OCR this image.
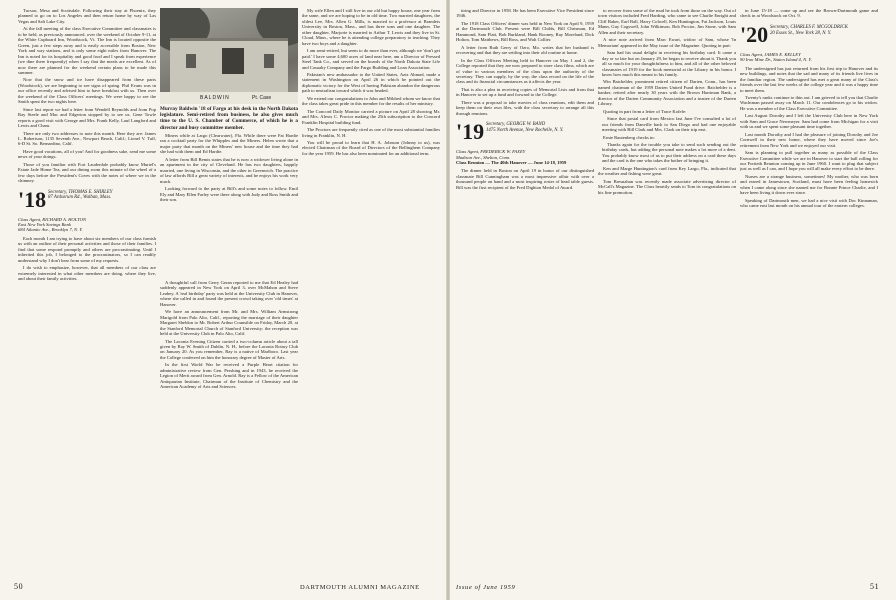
Tucson, Mesa and Scottsdale. Following their stay at Phoenix, they planned to go on to Los Angeles and then return home by way of Las Vegas and Salt Lake City.

At the fall meeting of the class Executive Committee and classmates is to be held, as previously announced, over the weekend of October 9-11, at the White Cupboard Inn, Woodstock, Vt. The Inn is located opposite the Green, just a few steps away and is easily accessible from Boston, New York and way stations, and is only some eight miles from Hanover. The Inn is noted for its hospitality and good food and I speak from experience (we dine there frequently) when I say that the meals are excellent. As of now there are planned for the weekend certain plans to be made this summer.

Now that the snow and ice have disappeared from these parts (Woodstock), we are beginning to see signs of spring. Phil Evans was in our office recently and advised him to have breakfast with us. Then over the weekend of the Class Officers' meetings. We were happy to see the Smith spent the two nights here.

Since last report we had a letter from Wendell Reynolds and from Pop Ray Steele and Mac and Edgerton stopped by to see us. Gene Towle reports a good visit with George and Mrs. Frank Kelly, Lauf Langford and Lewis and Cham.

There are only two addresses to note this month. Here they are: James L. Robertson, 1135 Seventh Ave., Newport Beach, Calif.; Lionel V. Tuff, 6-D St. So. Bernardino, Calif.

Have good vacations, all of you! And for goodness sake, send me some news of your doings.

Those of you familiar with Fort Lauderdale probably know Muriel's Estate Jade Home Tea, and our dining room this minute of the wheel of a few days before the President's Coves with the notes of where we in the chimney.

'18 Secretary, THOMAS E. SHIRLEY
87 Ardsorum Rd., Walban, Mass.
Class Agent, RICHARD A. HOLTON
East New York Savings Bank
684 Atlantic Ave., Brooklyn 7, N. Y.

Each month I am trying to have about six members of our class furnish us with an outline of their personal activities and those of their families. I find that some respond promptly and others are procrastinating. Until I inherited this job, I belonged to the procrastinators, so I can readily understand why I don't hear from some of my requests.

I do wish to emphasize, however, that all members of our class are extremely interested in what other members are doing, where they live, and about their family activities.

BALDWIN	Pt. Case
Murray Baldwin '18 of Fargo at his desk in the North Dakota legislature. Semi-retired from business, he also gives much time to the U. S. Chamber of Commerce, of which he is a director and busy committee member.

Miners while at Largo (Clearwater), Fla. While there were Fat Hardie ran a cocktail party for the Whipples and the Miners. Helen wrote that a major party that month on the Miners' new house and the time they had she had with them and Ed Hardie.

A letter from Bill Bemis states that he is now a widower living alone in an apartment in the city of Cleveland. He has two daughters, happily married, one living in Wisconsin, and the other in Greenwich. The practice of law affords Bill a great variety of interests, and he enjoys his work very much.

Looking forward to the party at Bill's and some notes to follow. Emil Ely and Mary Ellen Farley were there along with Judy and Ross Smith and their son.

A thoughtful call from Gerry Geran reported to me that Ed Healey had suddenly appeared in New York on April 3, over McMahon and Steve Leahey. A 'real birthday' party was held at the University Club in Hanover, where she called in and found the present crowd taking over 'old times' at Hanover.

We have an announcement from Mr. and Mrs. William Armstrong Marigold from Palo Alto, Calif., reporting the marriage of their daughter Margaret Sheldon to Mr. Robert Arthur Counsilde on Friday, March 20, at the Stanford Memorial Church of Stanford University; the reception was held at the University Club in Palo Alto, Calif.

The Laconia Evening Citizen carried a two-column article about a tall given by Ray W. Smith of Dublin, N. H., before the Laconia Rotary Club on January 20. As you remember, Ray is a native of Marlboro. Last year the College conferred on him the honorary degree of Master of Arts.

In the first World War he received a Purple Heart citation for administrative review from Gen. Pershing and in 1943, he received the Legion of Merit award from Gen. Arnold. Ray is a Fellow of the American Antiquarian Institute, Chairman of the Institute of Chemistry and the American Academy of Arts and Sciences.

My wife Ellen and I still live in our old but happy house, one year from the same, and we are hoping to be in old time. Two married daughters, the oldest Lee, Mrs. Allen G. Mills, is married to a professor at Brandeis University in Boston, Mass., and has three sons and one daughter. The other daughter, Marjorie is married to Arthur T. Lewis and they live in St. Cloud, Minn., where he is attending college preparatory to teaching. They have two boys and a daughter.

I am semi-retired, but seem to do more than ever, although we 'don't get paid.' I have some 4,600 acres of land near here, am a Director of Pressed Steel Tank Co., and served on the boards of the North Dakota State Life and Casualty Company and the Fargo Building and Loan Association.

Pakistan's new ambassador to the United States, Aziz Ahmad, made a statement in Washington on April 26 in which he pointed out the diplomatic victory for the West of having Pakistan abandon the dangerous path to neutralism toward which it was headed.

We extend our congratulations to John and Mildred whom we know that the class takes great pride in this member for the results of her ministry.

The Concord Daily Monitor carried a picture on April 28 showing Mr. and Mrs. Alexis C. Proctor making the 25th subscription to the Concord Franklin Hospital building fund.

The Proctors are frequently cited as one of the most substantial families living in Franklin, N. H.

You will be proud to learn that H. A. Johnson (Johnny to us), was elected Chairman of the Board of Directors of the Bellinghem Company for the year 1959. He has also been nominated for an additional term.

50	DARTMOUTH ALUMNI MAGAZINE

tiring and Director in 1958. He has been Executive Vice President since 1946.

The 1918 Class Officers' dinner was held in New York on April 9, 1959 at the Dartmouth Club. Present were Bill Childs, Bill Chrisman, Ed Hammond, Sam Flatt, Bob Burkland, Hank Rooney, Ray Moreland, Dick Holton, Tom Matthews, Bill Ross, and Walt Collier.

A letter from Ruth Gerry of Ozro, Mo. writes that her husband is recovering and that they are settling into their old routine at home.

In the Class Officers Meeting held in Hanover on May 1 and 2, the College reported that they are now prepared to store class films, which are of value to various members of the class upon the authority of the secretary. They can supply, by the way, the class record on the life of the class and its financial circumstances as it affects the year.

That is also a plea in receiving copies of Memorial Lists and from that in Hanover to set up a fund and forward to the College.

There was a proposal to take movies of class reunions, edit them and keep them on their own files, with the class secretary to arrange all this through reunions.

'19 Secretary, GEORGE W. BAND
1475 North Avenue, New Rochelle, N. Y.
Class Agent, FREDERICK W. FAXEY
Madison Ave., Shelton, Conn.
Class Reunion — The 40th Hanover — June 14-18, 1959

The dinner held in Boston on April 19 in honor of our distinguished classmate Bill Cunningham was a most impressive affair with over a thousand people on hand and a most inspiring roster of head table guests. Bill was the first recipient of the Fred Dighton Medal of Award.

to recover from some of the mud he took from those on the way. Out of town visitors included Fred Harding, who came to see Charlie Enright and Cliff Baker, Earl Ball, Harry Colwell, Ken Huntington, Fat Jackson, Louis Mann, Guy Cogswell, John Wilkinson, Bob Proctor, Jim Stone, with Sam Allen and their secretary.

A nice note arrived from Marc Ewart, widow of Sam, whose 'In Memoriam' appeared in the May issue of the Magazine. Quoting in part:

Sam had his usual delight in receiving his birthday card. It came a day or so late but on January 29, he began to receive about it. Thank you all so much for your thoughtfulness to him, and all of the other beloved classmates of 1919 for the book memorial at the Library in his honor. I know how much this meant to his family.

Win Batchelder, prominent retired citizen of Darien, Conn., has been named chairman of the 1959 Darien United Fund drive. Batchelder is a banker, retired after nearly 30 years with the Brown Harriman Bank, a director of the Darien Community Association and a trustee of the Darien Library.

Quoting in part from a letter of Trace Kofele:

Since that postal card from Mexico last June I've consulted a lot of our friends from Danville back to San Diego and had one enjoyable meeting with Bill Clark and Mrs. Clark on their trip east.

Ernie Rautenberg checks in:

Thanks again for the trouble you take to send such sending out the birthday cards, but adding the personal note makes a lot more of a dent. You probably know most of us to put their address on a card these days and the card is the one who takes the bother of bringing it.

Ken and Marge Huntington's card from Key Largo, Fla., indicated that the weather and fishing were great.

Tom Bresnahan was recently made associate advertising director of McCall's Magazine. The Class heartily sends to Tom its congratulations on his fine promotion.

in June 15-18 — come up and see the Brown-Dartmouth game and check in at Woodstock on Oct. 9.

'20 Secretary, CHARLES F. MCGOLDRICK
20 Essex St., New York 28, N. Y.
Class Agent, JAMES E. KELLEY
90 Iron Mine Dr., Staten Island 4, N. Y.

The undersigned has just returned from his first trip to Hanover and its new buildings, and notes that the sad and many of its friends live lives in the familiar region. The undersigned has met a great many of the Class's friends over the last few weeks of the college year and it was a happy time to meet them.

Twenty's ranks continue to thin out. I am grieved to tell you that Charlie Wachtman passed away on March 11. Our condolences go to his widow. He was a member of the Class Executive Committee.

Last August Dorothy and I left the University Club here in New York with Sam and Grace Newmeyer. Sam had come from Michigan for a visit with us and we spent some pleasant time together.

Last month Dorothy and I had the pleasure of joining Dorothy and Joe Cornwell in their new home, where they have moved since Joe's retirement from New York and we enjoyed our visit.

Sam is planning to pull together as many as possible of the Class Executive Committee while we are in Hanover to start the ball rolling for our Fortieth Reunion coming up in June 1960. I want to plug that subject just as well as I can, and I hope you will all make every effort to be there.

Nurses are a strange business, sometimes! My mother, who was born and reared in Jamestown, Scotland, must have been feeling homesick when I came along since she named me for Bonnie Prince Charlie, and I have been living it down ever since.

Speaking of Dartmouth men, we had a nice visit with Doc Kinnaman, who came east last month on his annual tour of the eastern colleges.

Issue of June 1959	51
